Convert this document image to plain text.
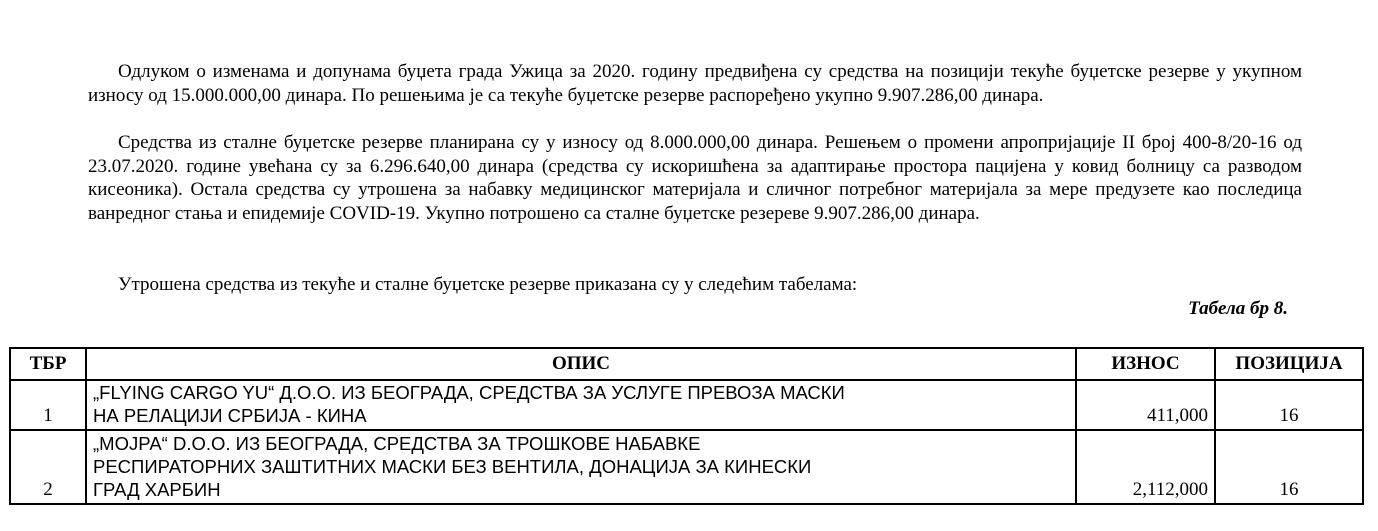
Одлуком о изменама и допунама буџета града Ужица за 2020. годину предвиђена су средства на позицији текуће буџетске резерве у укупном износу од 15.000.000,00 динара. По решењима је са текуће буџетске резерве распоређено укупно 9.907.286,00 динара.

Средства из сталне буџетске резерве планирана су у износу од 8.000.000,00 динара. Решењем о промени апропријације II број 400-8/20-16 од 23.07.2020. године увећана су за 6.296.640,00 динара (средства су искоришћена за адаптирање простора пацијена у ковид болницу са разводом кисеоника). Остала средства су утрошена за набавку медицинског материјала и сличног потребног материјала за мере предузете као последица ванредног стања и епидемије COVID-19. Укупно потрошено са сталне буџетске резереве 9.907.286,00 динара.

Утрошена средства из текуће и сталне буџетске резерве приказана су у следећим табелама:

Табела бр 8.

ТБР	ОПИС	ИЗНОС	ПОЗИЦИЈА
1	„FLYING CARGO YU“ Д.О.О. ИЗ БЕОГРАДА, СРЕДСТВА ЗА УСЛУГЕ ПРЕВОЗА МАСКИ
НА РЕЛАЦИЈИ СРБИЈА - КИНА	411,000	16
2	„MOJРА“ D.O.O. ИЗ БЕОГРАДА, СРЕДСТВА ЗА ТРОШКОВЕ НАБАВКЕ
РЕСПИРАТОРНИХ ЗАШТИТНИХ МАСКИ БЕЗ ВЕНТИЛА, ДОНАЦИЈА ЗА КИНЕСКИ
ГРАД ХАРБИН	2,112,000	16
